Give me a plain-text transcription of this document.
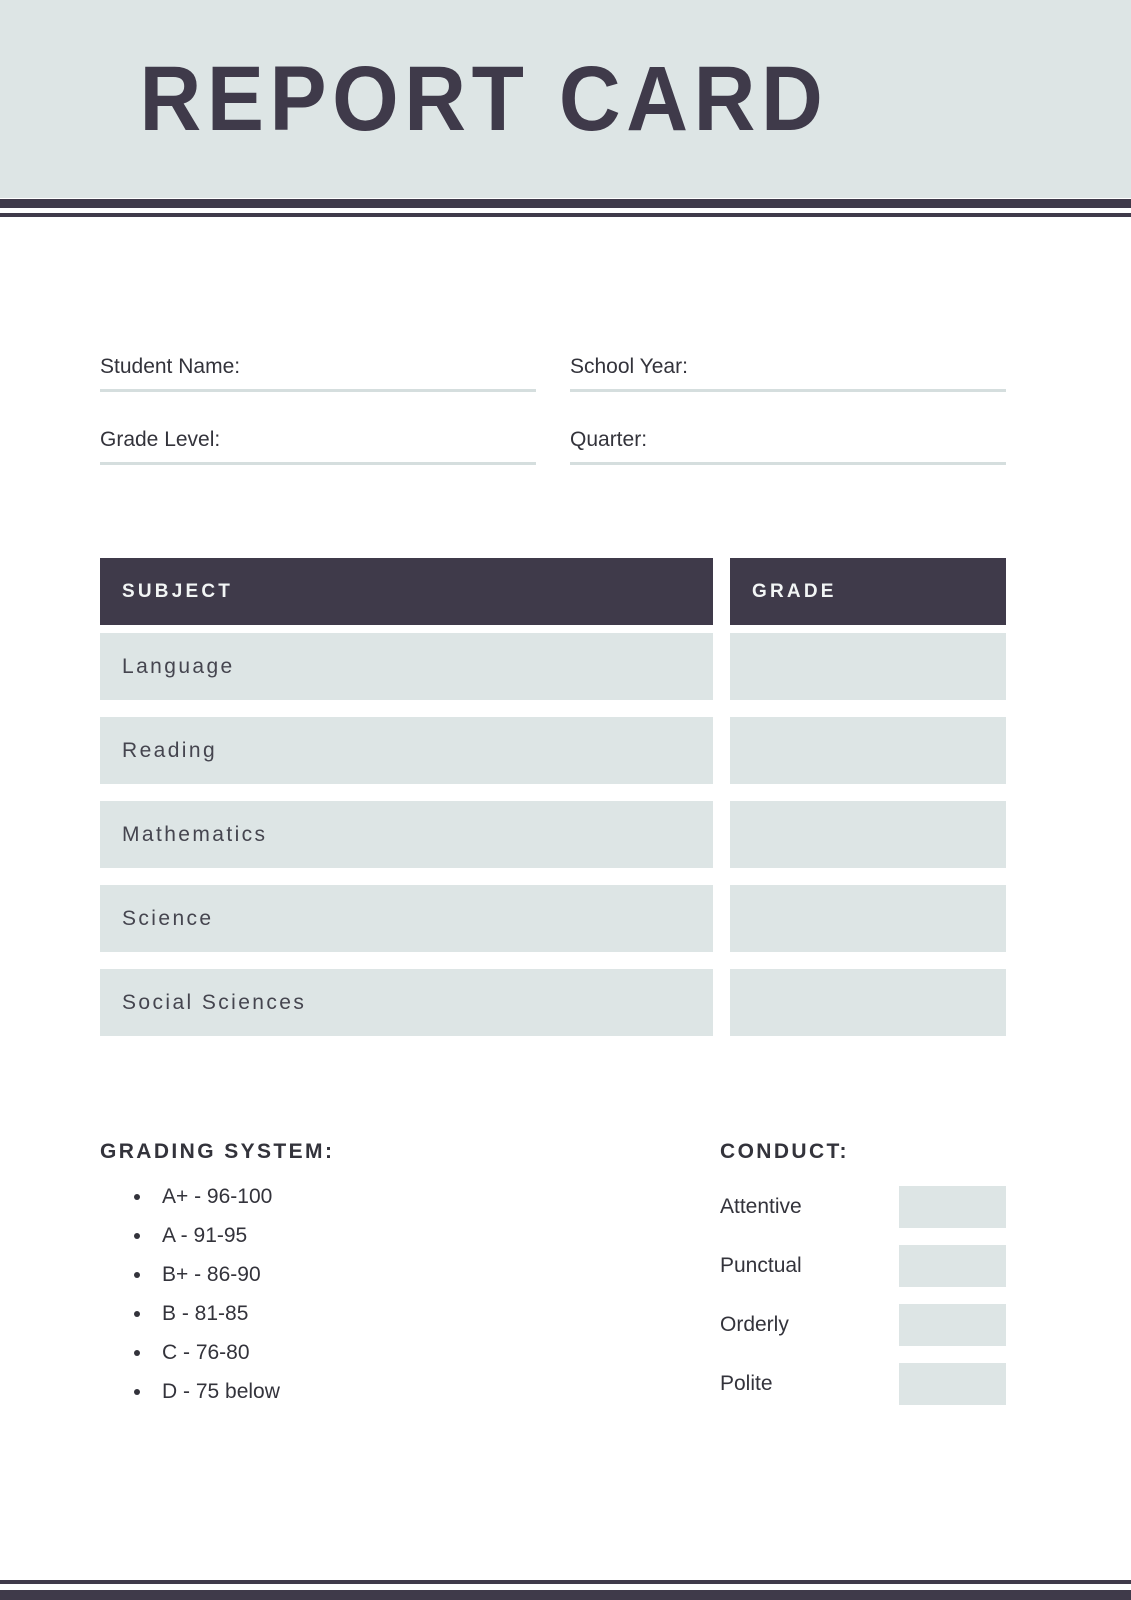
REPORT CARD
Student Name:	School Year:
Grade Level:	Quarter:
SUBJECT	GRADE
Language
Reading
Mathematics
Science
Social Sciences

GRADING SYSTEM:

A+ - 96-100
A - 91-95
B+ - 86-90
B - 81-85
C - 76-80
D - 75 below

CONDUCT:

Attentive
Punctual
Orderly
Polite
